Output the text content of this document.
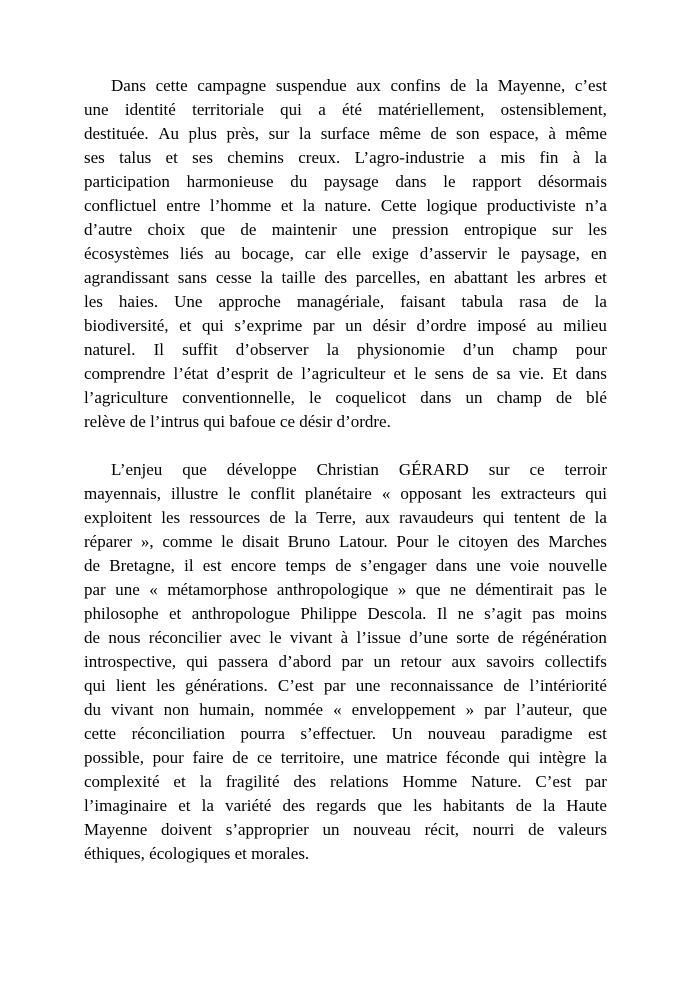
Dans cette campagne suspendue aux confins de la Mayenne, c’est
une identité territoriale qui a été matériellement, ostensiblement,
destituée. Au plus près, sur la surface même de son espace, à même
ses talus et ses chemins creux. L’agro-industrie a mis fin à la
participation harmonieuse du paysage dans le rapport désormais
conflictuel entre l’homme et la nature. Cette logique productiviste n’a
d’autre choix que de maintenir une pression entropique sur les
écosystèmes liés au bocage, car elle exige d’asservir le paysage, en
agrandissant sans cesse la taille des parcelles, en abattant les arbres et
les haies. Une approche managériale, faisant tabula rasa de la
biodiversité, et qui s’exprime par un désir d’ordre imposé au milieu
naturel. Il suffit d’observer la physionomie d’un champ pour
comprendre l’état d’esprit de l’agriculteur et le sens de sa vie. Et dans
l’agriculture conventionnelle, le coquelicot dans un champ de blé
relève de l’intrus qui bafoue ce désir d’ordre.
L’enjeu que développe Christian GÉRARD sur ce terroir
mayennais, illustre le conflit planétaire « opposant les extracteurs qui
exploitent les ressources de la Terre, aux ravaudeurs qui tentent de la
réparer », comme le disait Bruno Latour. Pour le citoyen des Marches
de Bretagne, il est encore temps de s’engager dans une voie nouvelle
par une « métamorphose anthropologique » que ne démentirait pas le
philosophe et anthropologue Philippe Descola. Il ne s’agit pas moins
de nous réconcilier avec le vivant à l’issue d’une sorte de régénération
introspective, qui passera d’abord par un retour aux savoirs collectifs
qui lient les générations. C’est par une reconnaissance de l’intériorité
du vivant non humain, nommée « enveloppement » par l’auteur, que
cette réconciliation pourra s’effectuer. Un nouveau paradigme est
possible, pour faire de ce territoire, une matrice féconde qui intègre la
complexité et la fragilité des relations Homme Nature. C’est par
l’imaginaire et la variété des regards que les habitants de la Haute
Mayenne doivent s’approprier un nouveau récit, nourri de valeurs
éthiques, écologiques et morales.
